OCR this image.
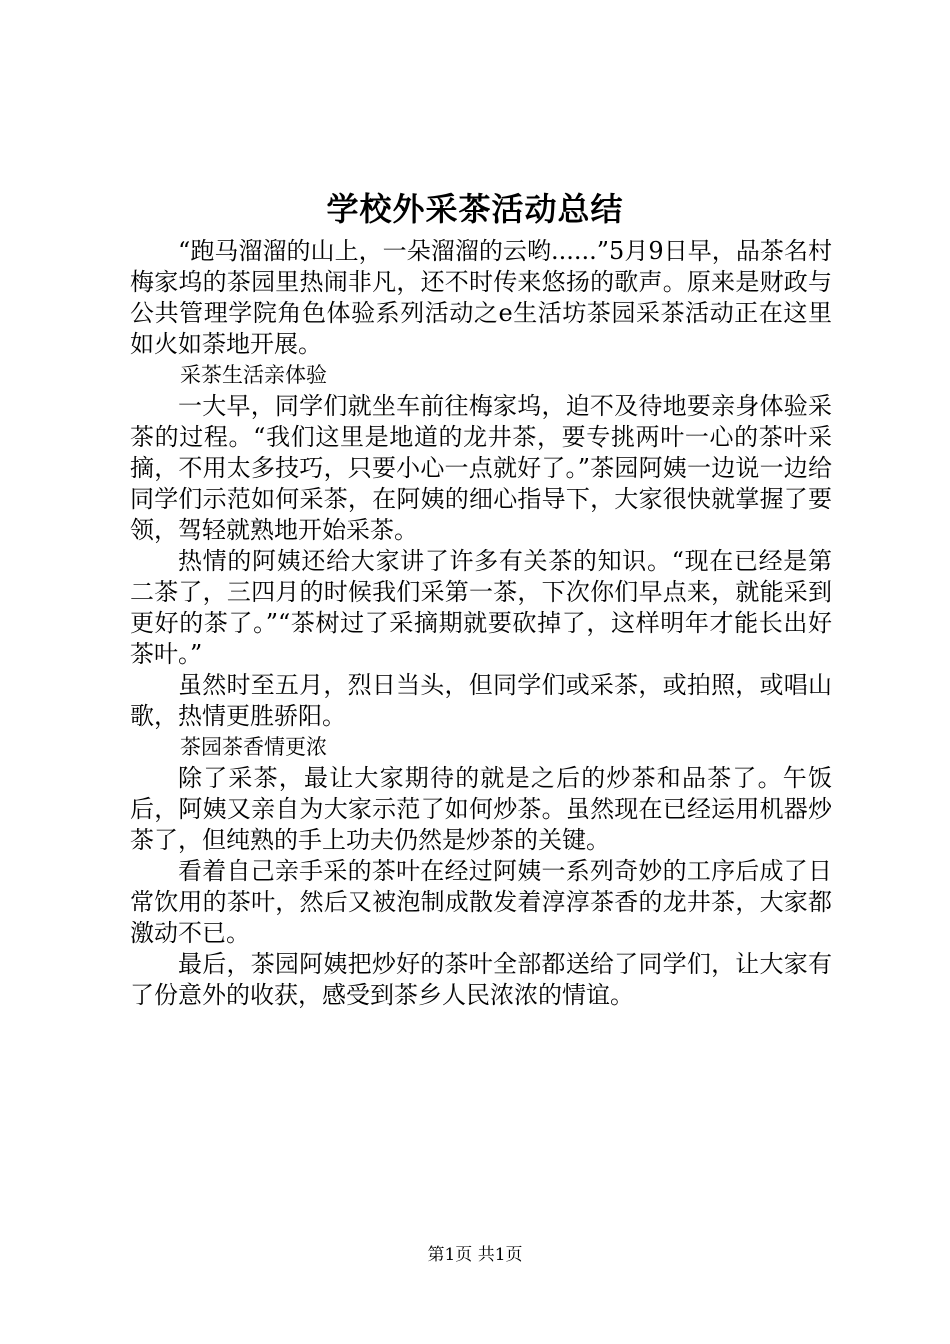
学校外采茶活动总结

“跑马溜溜的山上，一朵溜溜的云哟......”5月9日早，品茶名村梅家坞的茶园里热闹非凡，还不时传来悠扬的歌声。原来是财政与公共管理学院角色体验系列活动之e生活坊茶园采茶活动正在这里如火如荼地开展。

采茶生活亲体验

一大早，同学们就坐车前往梅家坞，迫不及待地要亲身体验采茶的过程。“我们这里是地道的龙井茶，要专挑两叶一心的茶叶采摘，不用太多技巧，只要小心一点就好了。”茶园阿姨一边说一边给同学们示范如何采茶，在阿姨的细心指导下，大家很快就掌握了要领，驾轻就熟地开始采茶。

热情的阿姨还给大家讲了许多有关茶的知识。“现在已经是第二茶了，三四月的时候我们采第一茶，下次你们早点来，就能采到更好的茶了。”“茶树过了采摘期就要砍掉了，这样明年才能长出好茶叶。”

虽然时至五月，烈日当头，但同学们或采茶，或拍照，或唱山歌，热情更胜骄阳。

茶园茶香情更浓

除了采茶，最让大家期待的就是之后的炒茶和品茶了。午饭后，阿姨又亲自为大家示范了如何炒茶。虽然现在已经运用机器炒茶了，但纯熟的手上功夫仍然是炒茶的关键。

看着自己亲手采的茶叶在经过阿姨一系列奇妙的工序后成了日常饮用的茶叶，然后又被泡制成散发着淳淳茶香的龙井茶，大家都激动不已。

最后，茶园阿姨把炒好的茶叶全部都送给了同学们，让大家有了份意外的收获，感受到茶乡人民浓浓的情谊。

第1页 共1页
